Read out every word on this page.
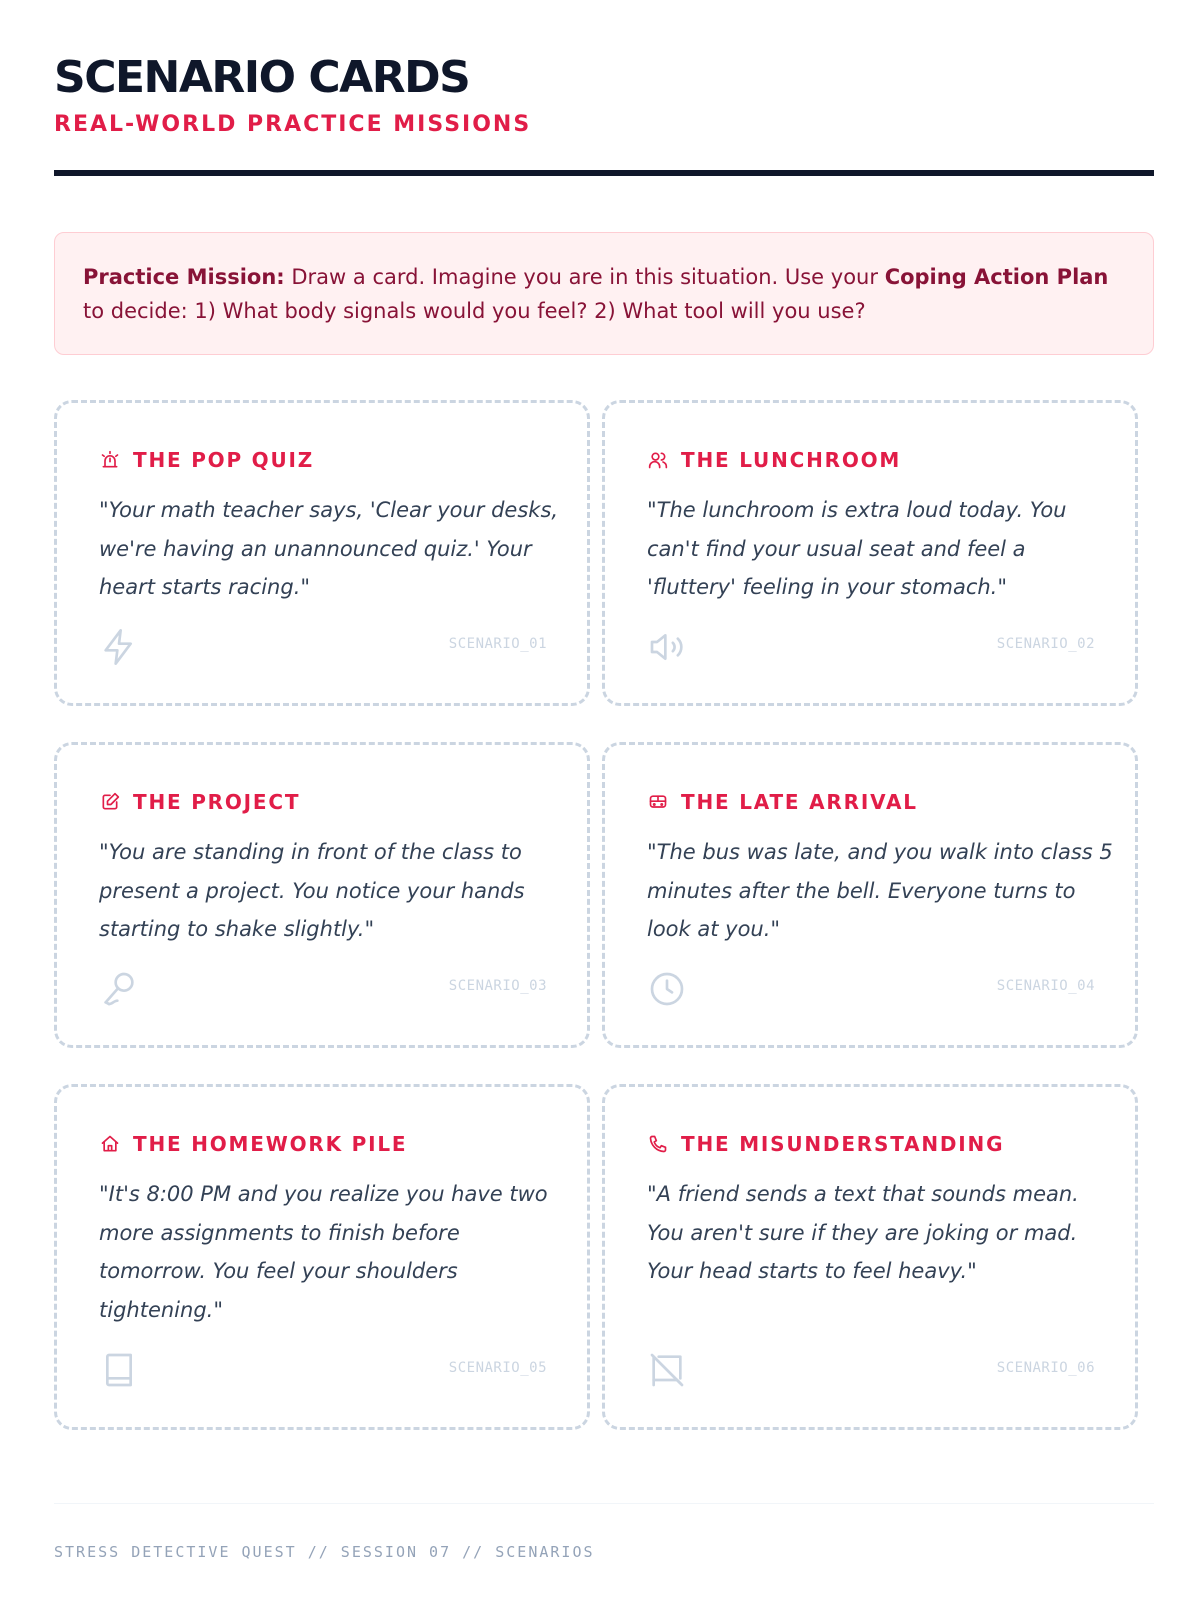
SCENARIO CARDS
REAL-WORLD PRACTICE MISSIONS
Practice Mission: Draw a card. Imagine you are in this situation. Use your Coping Action Plan to decide: 1) What body signals would you feel? 2) What tool will you use?
THE POP QUIZ
"Your math teacher says, 'Clear your desks, we're having an unannounced quiz.' Your heart starts racing."
SCENARIO_01
THE LUNCHROOM
"The lunchroom is extra loud today. You can't find your usual seat and feel a 'fluttery' feeling in your stomach."
SCENARIO_02
THE PROJECT
"You are standing in front of the class to present a project. You notice your hands starting to shake slightly."
SCENARIO_03
THE LATE ARRIVAL
"The bus was late, and you walk into class 5 minutes after the bell. Everyone turns to look at you."
SCENARIO_04
THE HOMEWORK PILE
"It's 8:00 PM and you realize you have two more assignments to finish before tomorrow. You feel your shoulders tightening."
SCENARIO_05
THE MISUNDERSTANDING
"A friend sends a text that sounds mean. You aren't sure if they are joking or mad. Your head starts to feel heavy."
SCENARIO_06
STRESS DETECTIVE QUEST // SESSION 07 // SCENARIOS
